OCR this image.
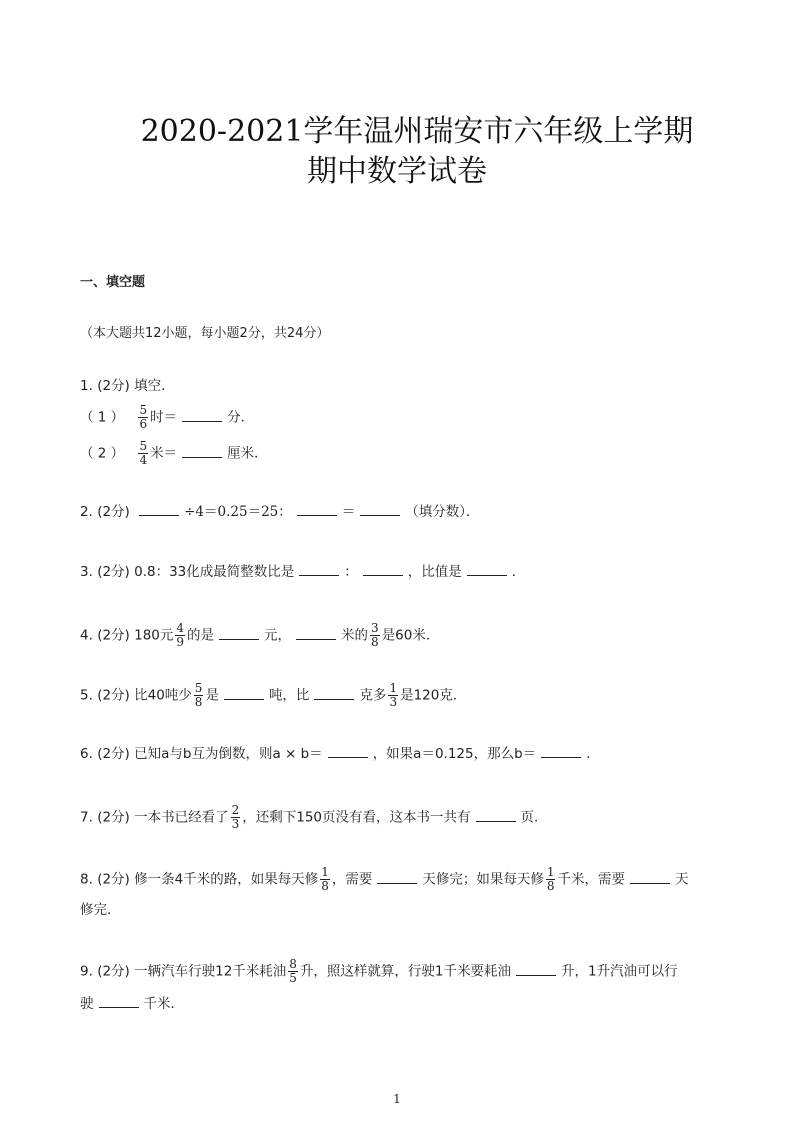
2020-2021学年温州瑞安市六年级上学期
期中数学试卷
一、填空题
（本大题共12小题，每小题2分，共24分）
1. (2分) 填空．
（ 1 ） $\frac{5}{6}$ 时＝	分．
（ 2 ） $\frac{5}{4}$ 米＝	厘米．
2. (2分)	÷4＝0.25＝25：	＝	（填分数）．
3. (2分) 0.8：33化成最简整数比是	：	，比值是	．
4. (2分) 180元 $\frac{4}{9}$ 的是	元，	米的 $\frac{3}{8}$ 是60米．
5. (2分) 比40吨少 $\frac{5}{8}$ 是	吨，比	克多 $\frac{1}{3}$ 是120克．
6. (2分) 已知a与b互为倒数，则a × b＝	，如果a＝0.125，那么b＝	．
7. (2分) 一本书已经看了 $\frac{2}{3}$ ，还剩下150页没有看，这本书一共有	页．
8. (2分) 修一条4千米的路，如果每天修 $\frac{1}{8}$ ，需要	天修完；如果每天修 $\frac{1}{8}$ 千米，需要	天
修完．
9. (2分) 一辆汽车行驶12千米耗油 $\frac{8}{5}$ 升，照这样就算，行驶1千米要耗油	升，1升汽油可以行
驶	千米．
1
